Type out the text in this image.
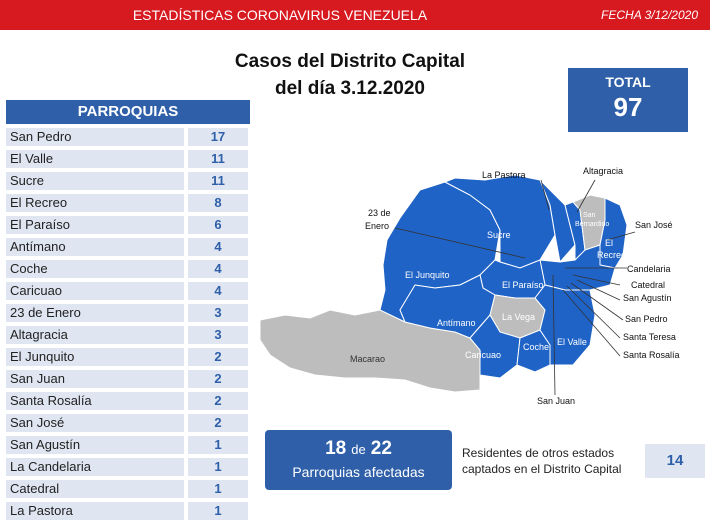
ESTADÍSTICAS CORONAVIRUS VENEZUELA	FECHA 3/12/2020
Casos del Distrito Capital
del día 3.12.2020	TOTAL
97
PARROQUIAS
San Pedro	17
El Valle	11
Sucre	11
El Recreo	8
El Paraíso	6
Antímano	4
Coche	4
Caricuao	4
23 de Enero	3
Altagracia	3
El Junquito	2
San Juan	2
Santa Rosalía	2
San José	2
San Agustín	1
La Candelaria	1
Catedral	1
La Pastora	1
Sucre
El Junquito
El Paraíso
La Vega
Antímano
Caricuao
Coche El Valle
Macarao
San
Bernardino
El
Recreo
La Pastora	Altagracia
23 de
Enero	San José
Candelaria
Catedral
San Agustín
San Pedro
Santa Teresa
Santa Rosalía
San Juan
18 de 22
Parroquias afectadas
Residentes de otros estados captados en el Distrito Capital	14
